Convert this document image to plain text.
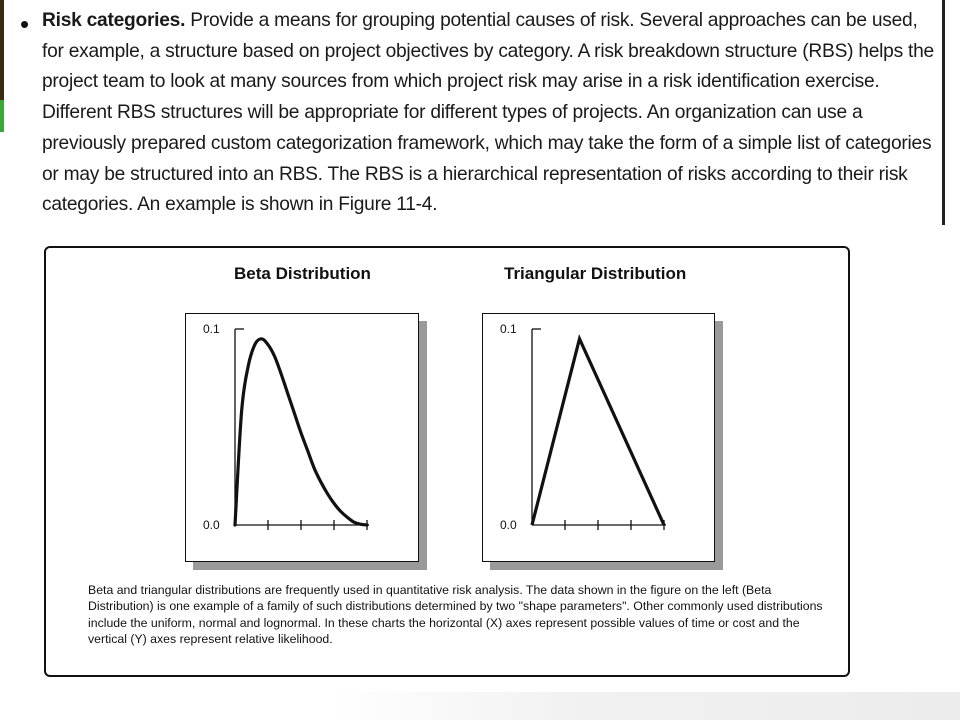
• Risk categories. Provide a means for grouping potential causes of risk. Several approaches can be used, for example, a structure based on project objectives by category. A risk breakdown structure (RBS) helps the project team to look at many sources from which project risk may arise in a risk identification exercise. Different RBS structures will be appropriate for different types of projects. An organization can use a previously prepared custom categorization framework, which may take the form of a simple list of categories or may be structured into an RBS. The RBS is a hierarchical representation of risks according to their risk categories. An example is shown in Figure 11-4.
Beta Distribution	Triangular Distribution
0.1
0.0
0.1
0.0
Beta and triangular distributions are frequently used in quantitative risk analysis. The data shown in the figure on the left (Beta Distribution) is one example of a family of such distributions determined by two "shape parameters". Other commonly used distributions include the uniform, normal and lognormal. In these charts the horizontal (X) axes represent possible values of time or cost and the vertical (Y) axes represent relative likelihood.
